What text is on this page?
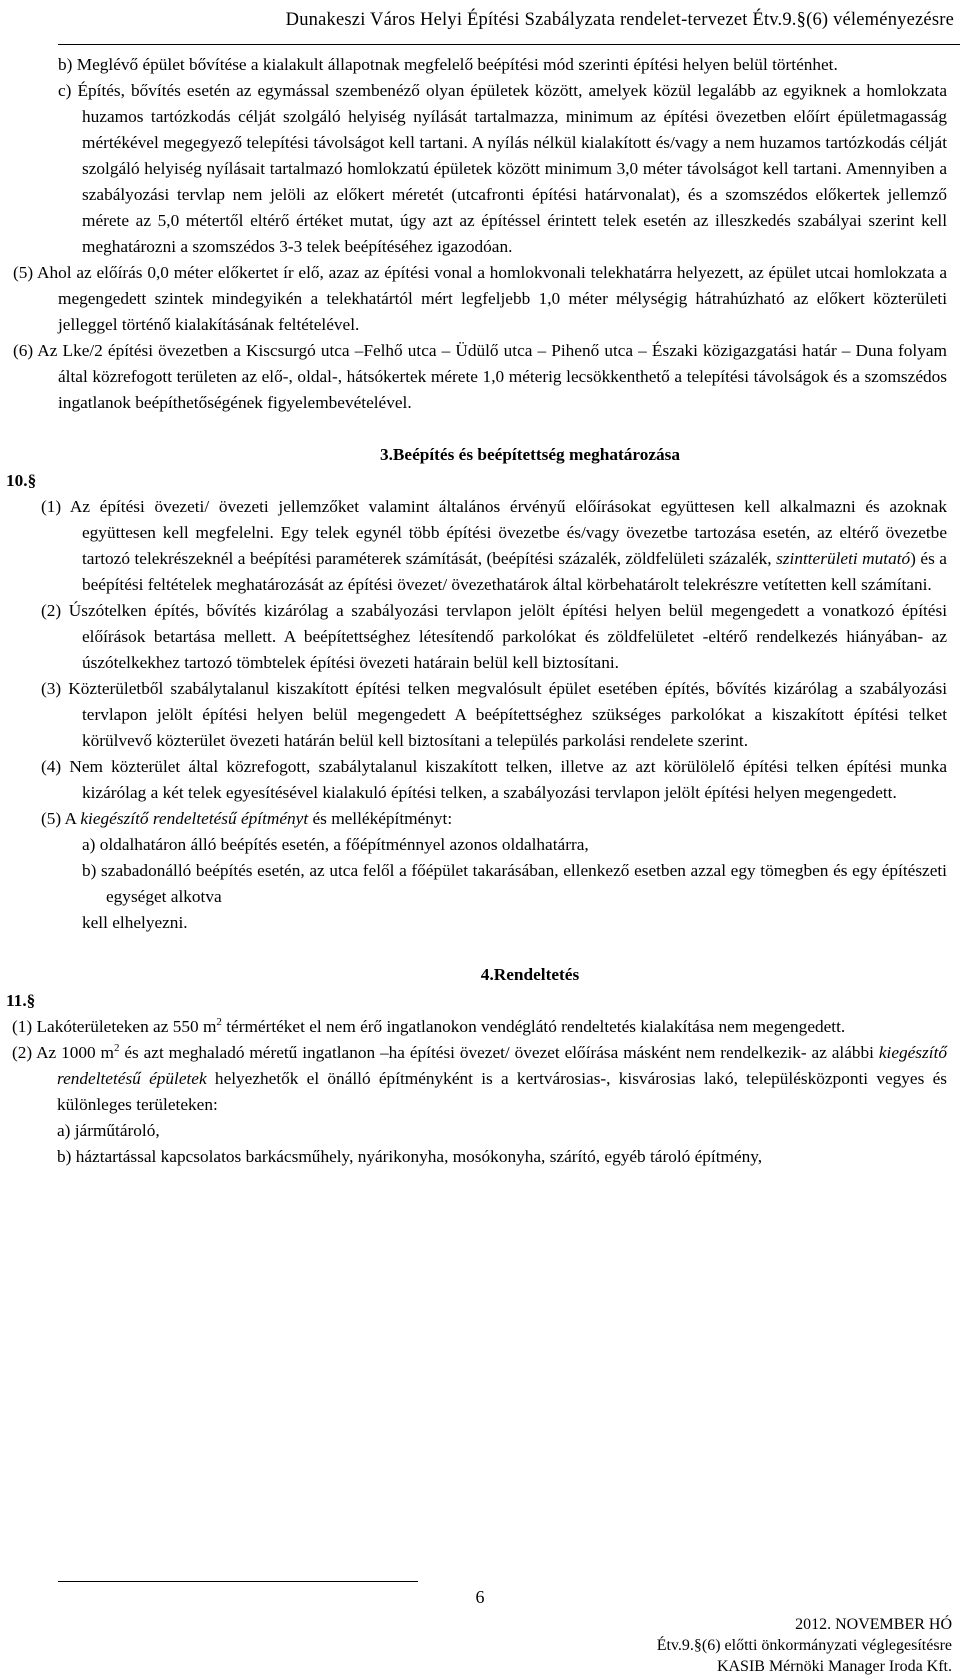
Dunakeszi Város Helyi Építési Szabályzata rendelet-tervezet Étv.9.§(6) véleményezésre

b) Meglévő épület bővítése a kialakult állapotnak megfelelő beépítési mód szerinti építési helyen belül történhet.

c) Építés, bővítés esetén az egymással szembenéző olyan épületek között, amelyek közül legalább az egyiknek a homlokzata huzamos tartózkodás célját szolgáló helyiség nyílását tartalmazza, minimum az építési övezetben előírt épületmagasság mértékével megegyező telepítési távolságot kell tartani. A nyílás nélkül kialakított és/vagy a nem huzamos tartózkodás célját szolgáló helyiség nyílásait tartalmazó homlokzatú épületek között minimum 3,0 méter távolságot kell tartani. Amennyiben a szabályozási tervlap nem jelöli az előkert méretét (utcafronti építési határvonalat), és a szomszédos előkertek jellemző mérete az 5,0 métertől eltérő értéket mutat, úgy azt az építéssel érintett telek esetén az illeszkedés szabályai szerint kell meghatározni a szomszédos 3-3 telek beépítéséhez igazodóan.

(5) Ahol az előírás 0,0 méter előkertet ír elő, azaz az építési vonal a homlokvonali telekhatárra helyezett, az épület utcai homlokzata a megengedett szintek mindegyikén a telekhatártól mért legfeljebb 1,0 méter mélységig hátrahúzható az előkert közterületi jelleggel történő kialakításának feltételével.

(6) Az Lke/2 építési övezetben a Kiscsurgó utca –Felhő utca – Üdülő utca – Pihenő utca – Északi közigazgatási határ – Duna folyam által közrefogott területen az elő-, oldal-, hátsókertek mérete 1,0 méterig lecsökkenthető a telepítési távolságok és a szomszédos ingatlanok beépíthetőségének figyelembevételével.

3.Beépítés és beépítettség meghatározása

10.§

(1) Az építési övezeti/ övezeti jellemzőket valamint általános érvényű előírásokat együttesen kell alkalmazni és azoknak együttesen kell megfelelni. Egy telek egynél több építési övezetbe és/vagy övezetbe tartozása esetén, az eltérő övezetbe tartozó telekrészeknél a beépítési paraméterek számítását, (beépítési százalék, zöldfelületi százalék, szintterületi mutató) és a beépítési feltételek meghatározását az építési övezet/ övezethatárok által körbehatárolt telekrészre vetítetten kell számítani.

(2) Úszótelken építés, bővítés kizárólag a szabályozási tervlapon jelölt építési helyen belül megengedett a vonatkozó építési előírások betartása mellett. A beépítettséghez létesítendő parkolókat és zöldfelületet -eltérő rendelkezés hiányában- az úszótelkekhez tartozó tömbtelek építési övezeti határain belül kell biztosítani.

(3) Közterületből szabálytalanul kiszakított építési telken megvalósult épület esetében építés, bővítés kizárólag a szabályozási tervlapon jelölt építési helyen belül megengedett A beépítettséghez szükséges parkolókat a kiszakított építési telket körülvevő közterület övezeti határán belül kell biztosítani a település parkolási rendelete szerint.

(4) Nem közterület által közrefogott, szabálytalanul kiszakított telken, illetve az azt körülölelő építési telken építési munka kizárólag a két telek egyesítésével kialakuló építési telken, a szabályozási tervlapon jelölt építési helyen megengedett.

(5) A kiegészítő rendeltetésű építményt és melléképítményt:

a) oldalhatáron álló beépítés esetén, a főépítménnyel azonos oldalhatárra,

b) szabadonálló beépítés esetén, az utca felől a főépület takarásában, ellenkező esetben azzal egy tömegben és egy építészeti egységet alkotva

kell elhelyezni.

4.Rendeltetés

11.§

(1) Lakóterületeken az 550 $m^2$ térmértéket el nem érő ingatlanokon vendéglátó rendeltetés kialakítása nem megengedett.

(2) Az 1000 $m^2$ és azt meghaladó méretű ingatlanon –ha építési övezet/ övezet előírása másként nem rendelkezik- az alábbi kiegészítő rendeltetésű épületek helyezhetők el önálló építményként is a kertvárosias-, kisvárosias lakó, településközponti vegyes és különleges területeken:

a) járműtároló,

b) háztartással kapcsolatos barkácsműhely, nyárikonyha, mosókonyha, szárító, egyéb tároló építmény,

6
2012. NOVEMBER HÓ
Étv.9.§(6) előtti önkormányzati véglegesítésre
KASIB Mérnöki Manager Iroda Kft.
